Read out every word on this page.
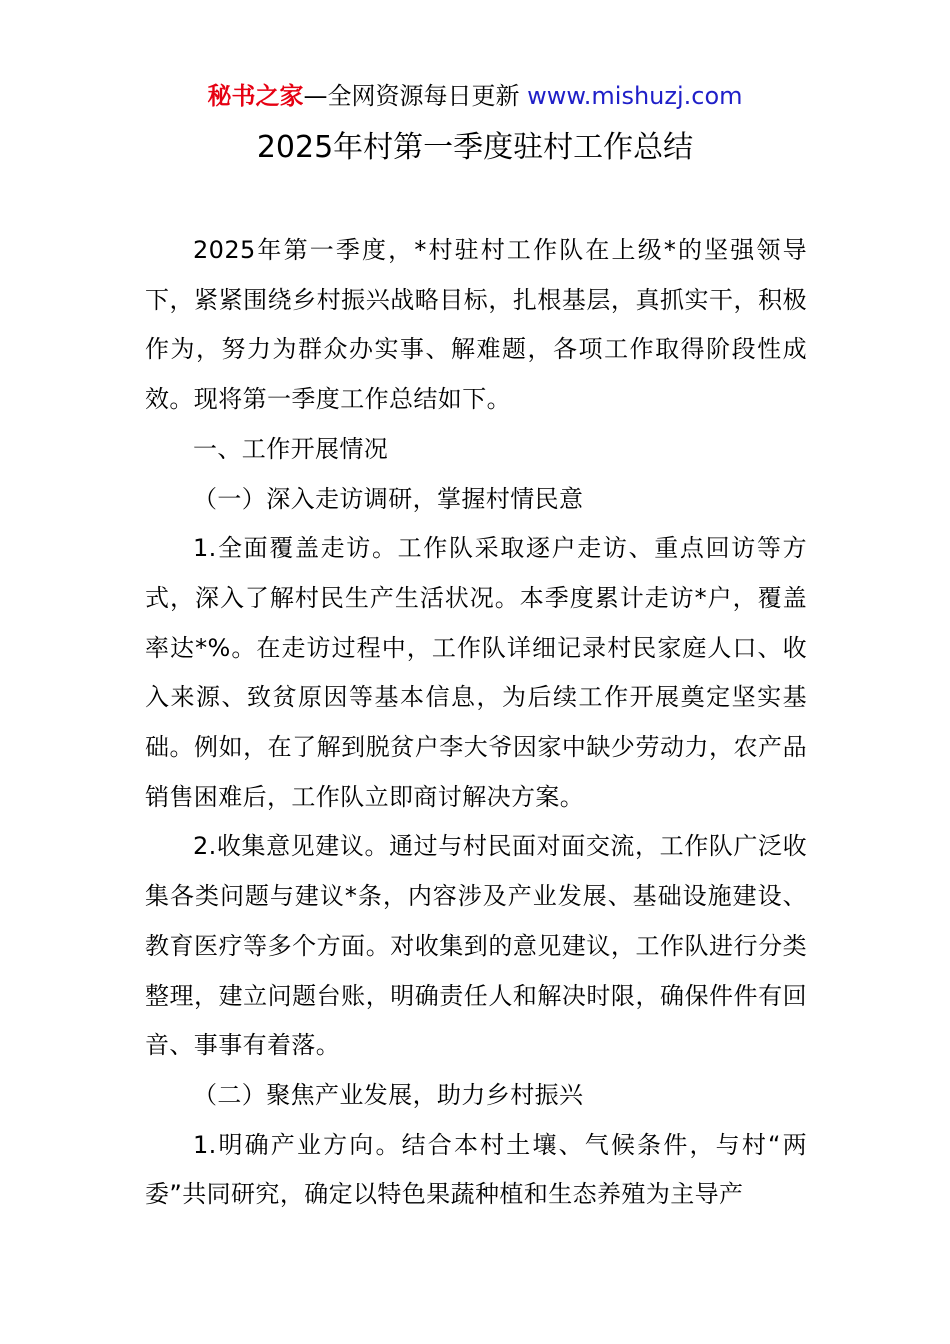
秘书之家—全网资源每日更新 www.mishuzj.com
2025年村第一季度驻村工作总结

2025年第一季度，*村驻村工作队在上级*的坚强领导下，紧紧围绕乡村振兴战略目标，扎根基层，真抓实干，积极作为，努力为群众办实事、解难题，各项工作取得阶段性成效。现将第一季度工作总结如下。

一、工作开展情况

（一）深入走访调研，掌握村情民意

1.全面覆盖走访。工作队采取逐户走访、重点回访等方式，深入了解村民生产生活状况。本季度累计走访*户，覆盖率达*%。在走访过程中，工作队详细记录村民家庭人口、收入来源、致贫原因等基本信息，为后续工作开展奠定坚实基础。例如，在了解到脱贫户李大爷因家中缺少劳动力，农产品销售困难后，工作队立即商讨解决方案。

2.收集意见建议。通过与村民面对面交流，工作队广泛收集各类问题与建议*条，内容涉及产业发展、基础设施建设、教育医疗等多个方面。对收集到的意见建议，工作队进行分类整理，建立问题台账，明确责任人和解决时限，确保件件有回音、事事有着落。

（二）聚焦产业发展，助力乡村振兴

1.明确产业方向。结合本村土壤、气候条件，与村“两委”共同研究，确定以特色果蔬种植和生态养殖为主导产
